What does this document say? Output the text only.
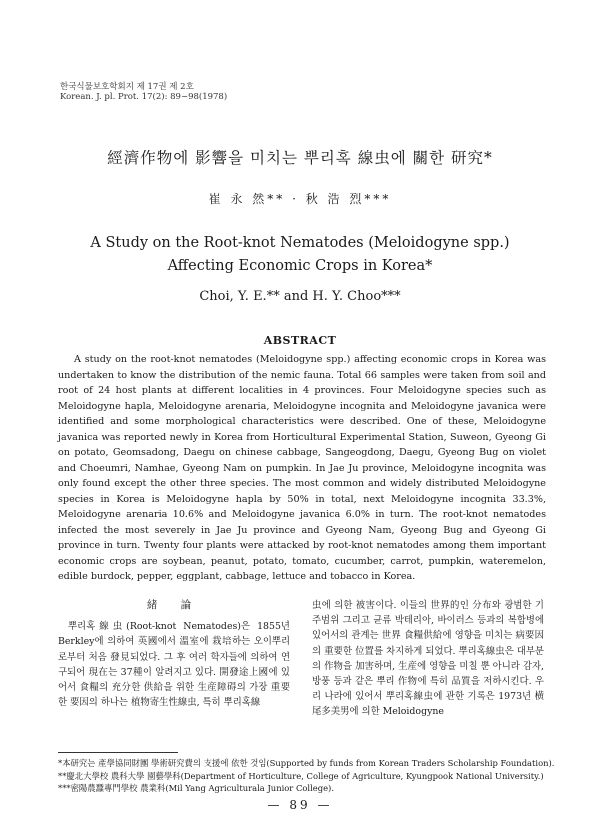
한국식물보호학회지 제 17권 제 2호
Korean. J. pl. Prot. 17(2): 89~98(1978)
經濟作物에 影響을 미치는 뿌리혹 線虫에 關한 研究*
崔 永 然** · 秋 浩 烈***
A Study on the Root-knot Nematodes (Meloidogyne spp.)
Affecting Economic Crops in Korea*
Choi, Y. E.** and H. Y. Choo***
ABSTRACT
A study on the root-knot nematodes (Meloidogyne spp.) affecting economic crops in Korea was undertaken to know the distribution of the nemic fauna. Total 66 samples were taken from soil and root of 24 host plants at different localities in 4 provinces. Four Meloidogyne species such as Meloidogyne hapla, Meloidogyne arenaria, Meloidogyne incognita and Meloidogyne javanica were identified and some morphological characteristics were described. One of these, Meloidogyne javanica was reported newly in Korea from Horticultural Experimental Station, Suweon, Gyeong Gi on potato, Geomsadong, Daegu on chinese cabbage, Sangeogdong, Daegu, Gyeong Bug on violet and Choeumri, Namhae, Gyeong Nam on pumpkin. In Jae Ju province, Meloidogyne incognita was only found except the other three species. The most common and widely distributed Meloidogyne species in Korea is Meloidogyne hapla by 50% in total, next Meloidogyne incognita 33.3%, Meloidogyne arenaria 10.6% and Meloidogyne javanica 6.0% in turn. The root-knot nematodes infected the most severely in Jae Ju province and Gyeong Nam, Gyeong Bug and Gyeong Gi province in turn. Twenty four plants were attacked by root-knot nematodes among them important economic crops are soybean, peanut, potato, tomato, cucumber, carrot, pumpkin, wateremelon, edible burdock, pepper, eggplant, cabbage, lettuce and tobacco in Korea.
緒 論

뿌리혹線虫(Root-knot Nematodes)은 1855년 Berkley에 의하여 英國에서 溫室에 栽培하는 오이뿌리로부터 처음 發見되었다. 그 후 여러 학자들에 의하여 연구되어 現在는 37種이 알려지고 있다. 開發途上國에 있어서 食糧의 充分한 供給을 위한 生産障碍의 가장 重要한 要因의 하나는 植物寄生性線虫, 특히 뿌리혹線

虫에 의한 被害이다. 이들의 世界的인 分布와 광범한 기주범위 그리고 균류 박테리아, 바이러스 등과의 복합병에 있어서의 관계는 世界 食糧供給에 영향을 미치는 病要因의 重要한 位置를 차지하게 되었다. 뿌리혹線虫은 대부분의 作物을 加害하며, 生産에 영향을 미칠 뿐 아니라 감자, 방풍 등과 같은 뿌리 作物에 특히 品質을 저하시킨다. 우리 나라에 있어서 뿌리혹線虫에 관한 기록은 1973년 横尾多美男에 의한 Meloidogyne

*本研究는 產學協同財團 學術研究費의 支援에 依한 것임(Supported by funds from Korean Traders Scholarship Foundation).
**慶北大學校 農科大學 園藝學科(Department of Horticulture, College of Agriculture, Kyungpook National University.)
***密陽農蠶專門學校 農業科(Mil Yang Agriculturala Junior College).
— 89 —
